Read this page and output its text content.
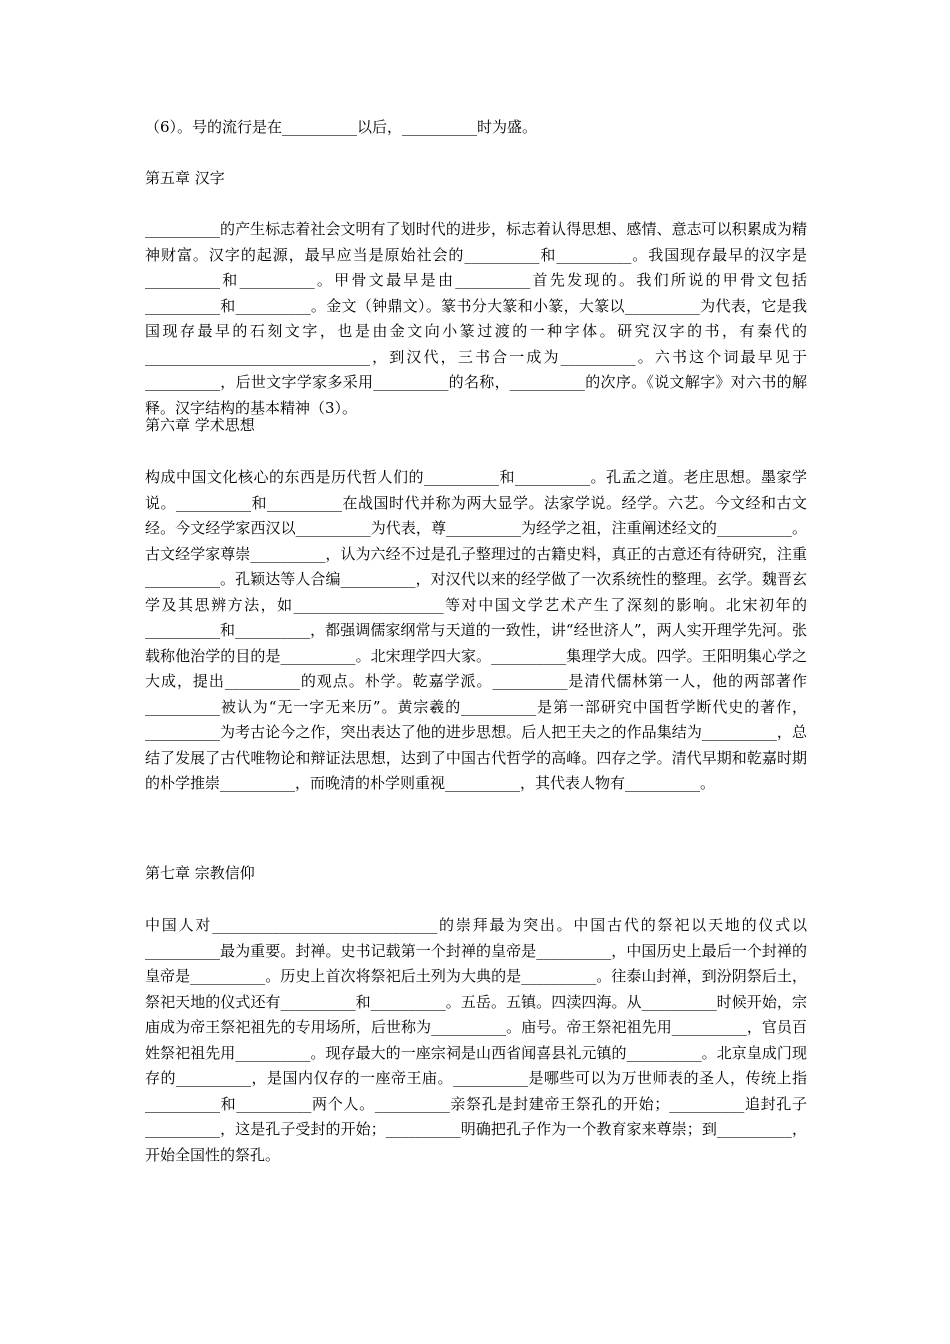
（6）。号的流行是在__________以后，__________时为盛。

第五章 汉字

__________的产生标志着社会文明有了划时代的进步，标志着认得思想、感情、意志可以积累成为精神财富。汉字的起源，最早应当是原始社会的__________和__________。我国现存最早的汉字是__________和__________。甲骨文最早是由__________首先发现的。我们所说的甲骨文包括__________和__________。金文（钟鼎文）。篆书分大篆和小篆，大篆以__________为代表，它是我国现存最早的石刻文字，也是由金文向小篆过渡的一种字体。研究汉字的书，有秦代的______________________________，到汉代，三书合一成为__________。六书这个词最早见于__________，后世文字学家多采用__________的名称，__________的次序。《说文解字》对六书的解释。汉字结构的基本精神（3）。

第六章 学术思想

构成中国文化核心的东西是历代哲人们的__________和__________。孔孟之道。老庄思想。墨家学说。__________和__________在战国时代并称为两大显学。法家学说。经学。六艺。今文经和古文经。今文经学家西汉以__________为代表，尊__________为经学之祖，注重阐述经文的__________。古文经学家尊崇__________，认为六经不过是孔子整理过的古籍史料，真正的古意还有待研究，注重__________。孔颖达等人合编__________，对汉代以来的经学做了一次系统性的整理。玄学。魏晋玄学及其思辨方法，如____________________等对中国文学艺术产生了深刻的影响。北宋初年的__________和__________，都强调儒家纲常与天道的一致性，讲“经世济人”，两人实开理学先河。张载称他治学的目的是__________。北宋理学四大家。__________集理学大成。四学。王阳明集心学之大成，提出__________的观点。朴学。乾嘉学派。__________是清代儒林第一人，他的两部著作__________被认为“无一字无来历”。黄宗羲的__________是第一部研究中国哲学断代史的著作，__________为考古论今之作，突出表达了他的进步思想。后人把王夫之的作品集结为__________，总结了发展了古代唯物论和辩证法思想，达到了中国古代哲学的高峰。四存之学。清代早期和乾嘉时期的朴学推崇__________，而晚清的朴学则重视__________，其代表人物有__________。

第七章 宗教信仰

中国人对______________________________的崇拜最为突出。中国古代的祭祀以天地的仪式以__________最为重要。封禅。史书记载第一个封禅的皇帝是__________，中国历史上最后一个封禅的皇帝是__________。历史上首次将祭祀后土列为大典的是__________。往泰山封禅，到汾阴祭后土，祭祀天地的仪式还有__________和__________。五岳。五镇。四渎四海。从__________时候开始，宗庙成为帝王祭祀祖先的专用场所，后世称为__________。庙号。帝王祭祀祖先用__________，官员百姓祭祀祖先用__________。现存最大的一座宗祠是山西省闻喜县礼元镇的__________。北京皇成门现存的__________，是国内仅存的一座帝王庙。__________是哪些可以为万世师表的圣人，传统上指__________和__________两个人。__________亲祭孔是封建帝王祭孔的开始；__________追封孔子__________，这是孔子受封的开始；__________明确把孔子作为一个教育家来尊崇；到__________，开始全国性的祭孔。
